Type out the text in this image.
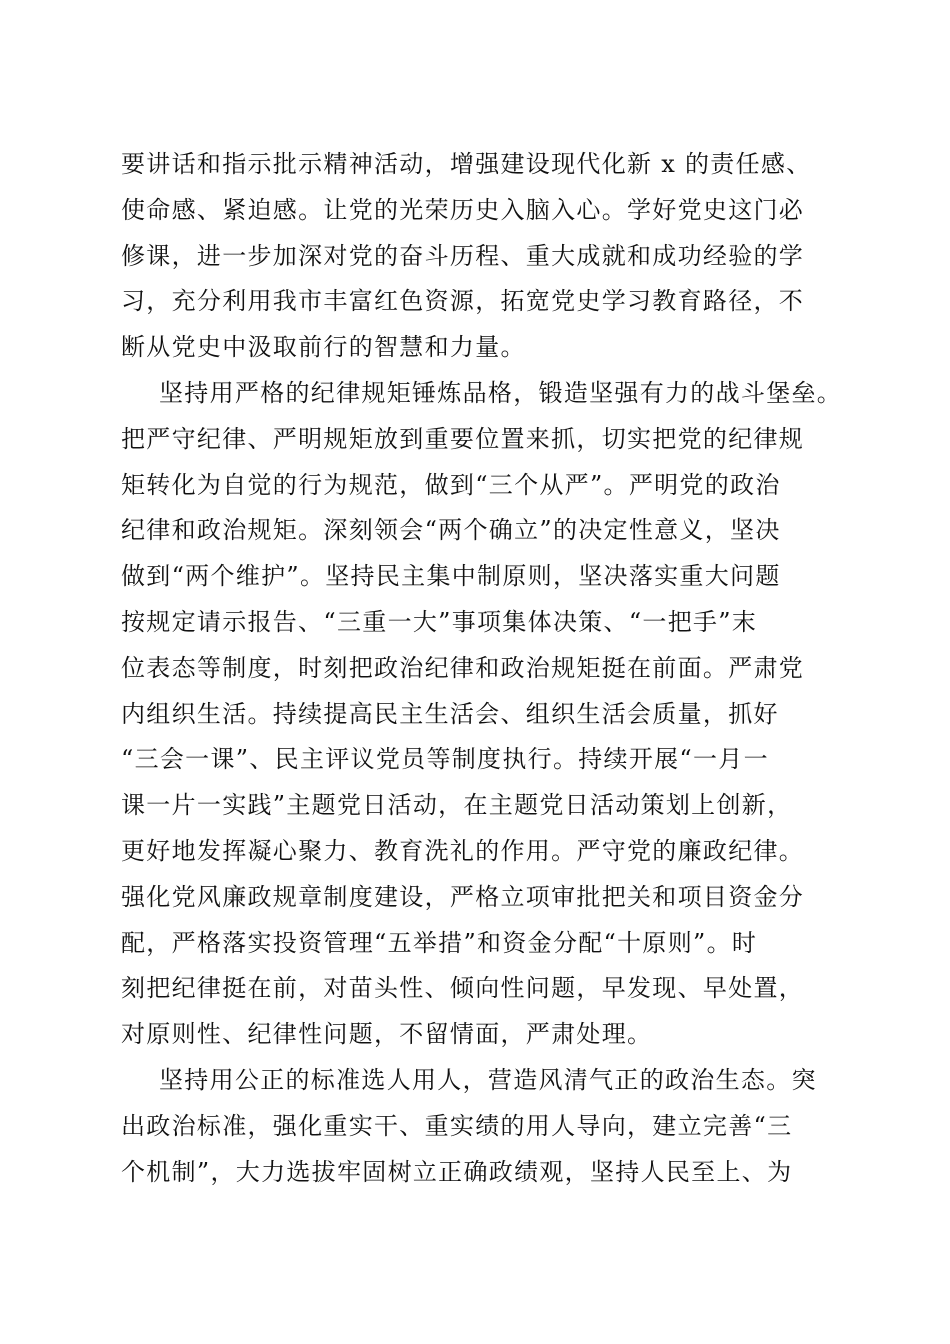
要讲话和指示批示精神活动，增强建设现代化新 x 的责任感、
使命感、紧迫感。让党的光荣历史入脑入心。学好党史这门必
修课，进一步加深对党的奋斗历程、重大成就和成功经验的学
习，充分利用我市丰富红色资源，拓宽党史学习教育路径，不
断从党史中汲取前行的智慧和力量。
坚持用严格的纪律规矩锤炼品格，锻造坚强有力的战斗堡垒。
把严守纪律、严明规矩放到重要位置来抓，切实把党的纪律规
矩转化为自觉的行为规范，做到“三个从严”。严明党的政治
纪律和政治规矩。深刻领会“两个确立”的决定性意义，坚决
做到“两个维护”。坚持民主集中制原则，坚决落实重大问题
按规定请示报告、“三重一大”事项集体决策、“一把手”末
位表态等制度，时刻把政治纪律和政治规矩挺在前面。严肃党
内组织生活。持续提高民主生活会、组织生活会质量，抓好
“三会一课”、民主评议党员等制度执行。持续开展“一月一
课一片一实践”主题党日活动，在主题党日活动策划上创新，
更好地发挥凝心聚力、教育洗礼的作用。严守党的廉政纪律。
强化党风廉政规章制度建设，严格立项审批把关和项目资金分
配，严格落实投资管理“五举措”和资金分配“十原则”。时
刻把纪律挺在前，对苗头性、倾向性问题，早发现、早处置，
对原则性、纪律性问题，不留情面，严肃处理。
坚持用公正的标准选人用人，营造风清气正的政治生态。突
出政治标准，强化重实干、重实绩的用人导向，建立完善“三
个机制”，大力选拔牢固树立正确政绩观，坚持人民至上、为
